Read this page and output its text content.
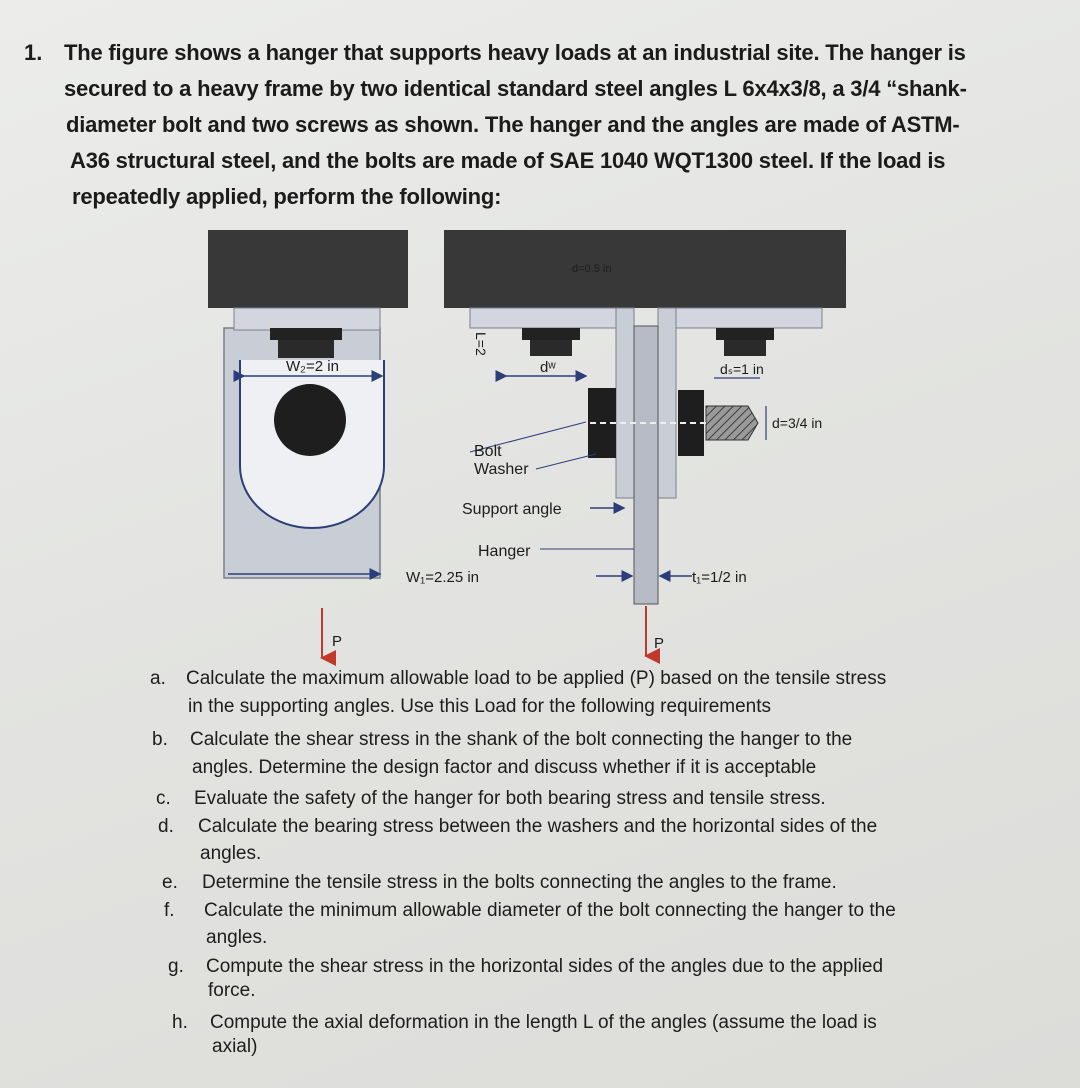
1. The figure shows a hanger that supports heavy loads at an industrial site. The hanger is
secured to a heavy frame by two identical standard steel angles L 6x4x3/8, a 3/4 “shank-
diameter bolt and two screws as shown. The hanger and the angles are made of ASTM-
A36 structural steel, and the bolts are made of SAE 1040 WQT1300 steel. If the load is
repeatedly applied, perform the following:
W₂=2 in
W₁=2.25 in
P
L=2
dʷ	dₛ=1 in
d=3/4 in
d=0.5 in
Bolt
Washer
Support angle
Hanger
t₁=1/2 in
P
a. Calculate the maximum allowable load to be applied (P) based on the tensile stress
in the supporting angles. Use this Load for the following requirements
b. Calculate the shear stress in the shank of the bolt connecting the hanger to the
angles. Determine the design factor and discuss whether if it is acceptable
c. Evaluate the safety of the hanger for both bearing stress and tensile stress.
d. Calculate the bearing stress between the washers and the horizontal sides of the
angles.
e. Determine the tensile stress in the bolts connecting the angles to the frame.
f. Calculate the minimum allowable diameter of the bolt connecting the hanger to the
angles.
g. Compute the shear stress in the horizontal sides of the angles due to the applied
force.
h. Compute the axial deformation in the length L of the angles (assume the load is
axial)
